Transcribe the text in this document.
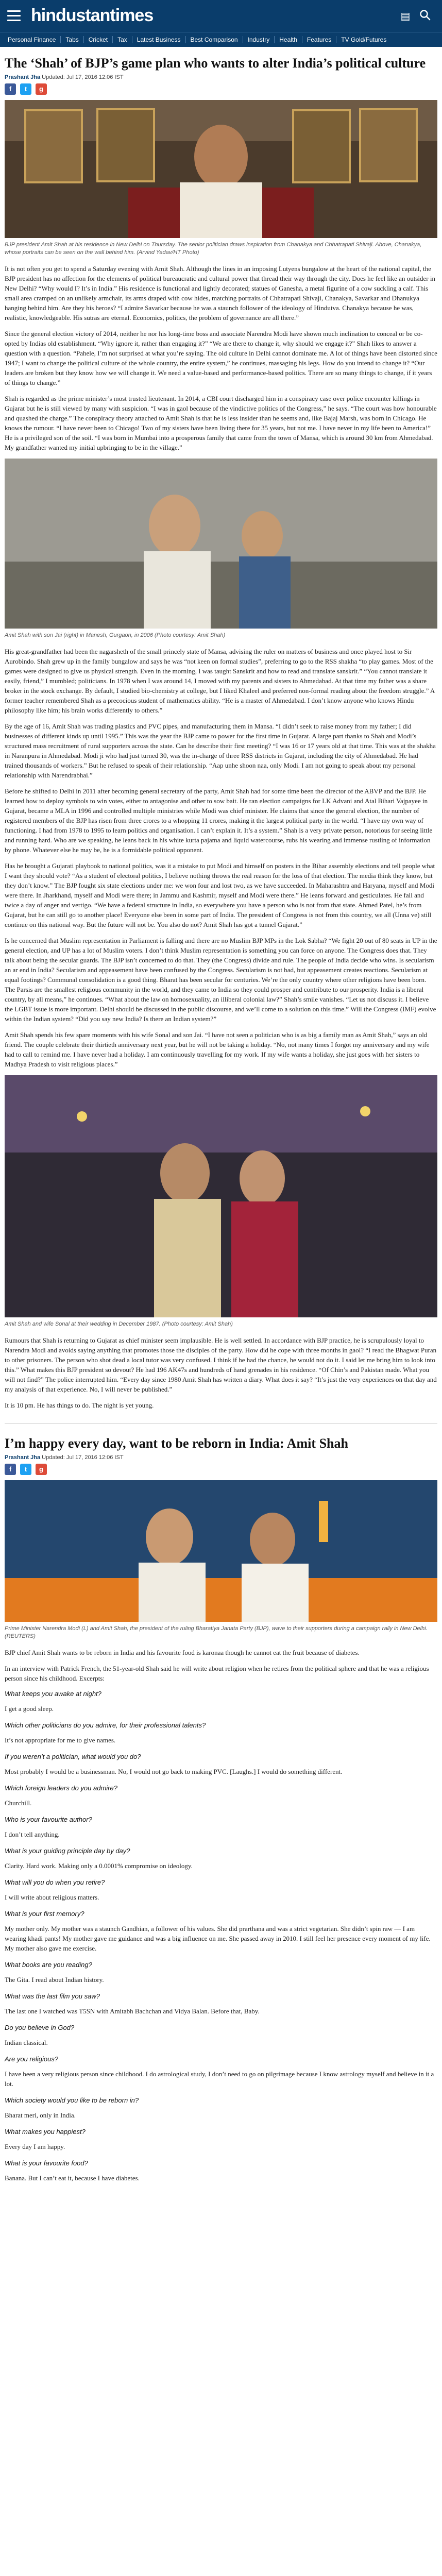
hindustantimes	▤
Personal Finance	Tabs	Cricket	Tax	Latest Business	Best Comparison	Industry	Health	Features	TV Gold/Futures
The ‘Shah’ of BJP’s game plan who wants to alter India’s political culture
Prashant Jha Updated: Jul 17, 2016 12:06 IST
f	t	g
BJP president Amit Shah at his residence in New Delhi on Thursday. The senior politician draws inspiration from Chanakya and Chhatrapati Shivaji. Above, Chanakya, whose portraits can be seen on the wall behind him. (Arvind Yadav/HT Photo)

It is not often you get to spend a Saturday evening with Amit Shah. Although the lines in an imposing Lutyens bungalow at the heart of the national capital, the BJP president has no affection for the elements of political bureaucratic and cultural power that thread their way through the city. Does he feel like an outsider in New Delhi? “Why would I? It’s in India.” His residence is functional and lightly decorated; statues of Ganesha, a metal figurine of a cow suckling a calf. This small area cramped on an unlikely armchair, its arms draped with cow hides, matching portraits of Chhatrapati Shivaji, Chanakya, Savarkar and Dhanukya hanging behind him. Are they his heroes? “I admire Savarkar because he was a staunch follower of the ideology of Hindutva. Chanakya because he was, realistic, knowledgeable. His sutras are eternal. Economics, politics, the problem of governance are all there.”

Since the general election victory of 2014, neither he nor his long-time boss and associate Narendra Modi have shown much inclination to conceal or be co-opted by Indias old establishment. “Why ignore it, rather than engaging it?” “We are there to change it, why should we engage it?” Shah likes to answer a question with a question. “Pahele, I’m not surprised at what you’re saying. The old culture in Delhi cannot dominate me. A lot of things have been distorted since 1947; I want to change the political culture of the whole country, the entire system,” he continues, massaging his legs. How do you intend to change it? “Our leaders are broken but they know how we will change it. We need a value-based and performance-based politics. There are so many things to change, if it years of things to change.”

Shah is regarded as the prime minister’s most trusted lieutenant. In 2014, a CBI court discharged him in a conspiracy case over police encounter killings in Gujarat but he is still viewed by many with suspicion. “I was in gaol because of the vindictive politics of the Congress,” he says. “The court was how honourable and quashed the charge.” The conspiracy theory attached to Amit Shah is that he is less insider than he seems and, like Bajaj Marsh, was born in Chicago. He knows the rumour. “I have never been to Chicago! Two of my sisters have been living there for 35 years, but not me. I have never in my life been to America!” He is a privileged son of the soil. “I was born in Mumbai into a prosperous family that came from the town of Mansa, which is around 30 km from Ahmedabad. My grandfather wanted my initial upbringing to be in the village.”

Amit Shah with son Jai (right) in Manesh, Gurgaon, in 2006 (Photo courtesy: Amit Shah)

His great-grandfather had been the nagarsheth of the small princely state of Mansa, advising the ruler on matters of business and once played host to Sir Aurobindo. Shah grew up in the family bungalow and says he was “not keen on formal studies”, preferring to go to the RSS shakha “to play games. Most of the games were designed to give us physical strength. Even in the morning, I was taught Sanskrit and how to read and translate sanskrit.” “You cannot translate it easily, friend,” I mumbled; politicians. In 1978 when I was around 14, I moved with my parents and sisters to Ahmedabad. At that time my father was a share broker in the stock exchange. By default, I studied bio-chemistry at college, but I liked Khaleel and preferred non-formal reading about the freedom struggle.” A former teacher remembered Shah as a precocious student of mathematics ability. “He is a master of Ahmedabad. I don’t know anyone who knows Hindu philosophy like him; his brain works differently to others.”

By the age of 16, Amit Shah was trading plastics and PVC pipes, and manufacturing them in Mansa. “I didn’t seek to raise money from my father; I did businesses of different kinds up until 1995.” This was the year the BJP came to power for the first time in Gujarat. A large part thanks to Shah and Modi’s structured mass recruitment of rural supporters across the state. Can he describe their first meeting? “I was 16 or 17 years old at that time. This was at the shakha in Naranpura in Ahmedabad. Modi ji who had just turned 30, was the in-charge of three RSS districts in Gujarat, including the city of Ahmedabad. He had trained thousands of workers.” But he refused to speak of their relationship. “Aap unhe shoon naa, only Modi. I am not going to speak about my personal relationship with Narendrabhai.”

Before he shifted to Delhi in 2011 after becoming general secretary of the party, Amit Shah had for some time been the director of the ABVP and the BJP. He learned how to deploy symbols to win votes, either to antagonise and other to sow bait. He ran election campaigns for LK Advani and Atal Bihari Vajpayee in Gujarat, became a MLA in 1996 and controlled multiple ministries while Modi was chief minister. He claims that since the general election, the number of registered members of the BJP has risen from three crores to a whopping 11 crores, making it the largest political party in the world. “I have my own way of functioning. I had from 1978 to 1995 to learn politics and organisation. I can’t explain it. It’s a system.” Shah is a very private person, notorious for seeing little and running hard. Who are we speaking, he leans back in his white kurta pajama and liquid watercourse, rubs his wearing and immense rustling of information by phone. Whatever else he may be, he is a formidable political opponent.

Has he brought a Gujarati playbook to national politics, was it a mistake to put Modi and himself on posters in the Bihar assembly elections and tell people what I want they should vote? “As a student of electoral politics, I believe nothing throws the real reason for the loss of that election. The media think they know, but they don’t know.” The BJP fought six state elections under me: we won four and lost two, as we have succeeded. In Maharashtra and Haryana, myself and Modi were there. In Jharkhand, myself and Modi were there; in Jammu and Kashmir, myself and Modi were there.” He leans forward and gesticulates. He fall and twice a day of anger and vertigo. “We have a federal structure in India, so everywhere you have a person who is not from that state. Ahmed Patel, he’s from Gujarat, but he can still go to another place! Everyone else been in some part of India. The president of Congress is not from this country, we all (Unna ve) still continue on this national way. But the future will not be. You also do not? Amit Shah has got a tunnel Gujarat.”

Is he concerned that Muslim representation in Parliament is falling and there are no Muslim BJP MPs in the Lok Sabha? “We fight 20 out of 80 seats in UP in the general election, and UP has a lot of Muslim voters. I don’t think Muslim representation is something you can force on anyone. The Congress does that. They talk about being the secular guards. The BJP isn’t concerned to do that. They (the Congress) divide and rule. The people of India decide who wins. Is secularism an ar end in India? Secularism and appeasement have been confused by the Congress. Secularism is not bad, but appeasement creates reactions. Secularism at equal footings? Communal consolidation is a good thing. Bharat has been secular for centuries. We’re the only country where other religions have been born. The Parsis are the smallest religious community in the world, and they came to India so they could prosper and contribute to our prosperity. India is a liberal country, by all means,” he continues. “What about the law on homosexuality, an illiberal colonial law?” Shah’s smile vanishes. “Let us not discuss it. I believe the LGBT issue is more important. Delhi should be discussed in the public discourse, and we’ll come to a solution on this time.” Will the Congress (IMF) evolve within the Indian system? “Did you say new India? Is there an Indian system?”

Amit Shah spends his few spare moments with his wife Sonal and son Jai. “I have not seen a politician who is as big a family man as Amit Shah,” says an old friend. The couple celebrate their thirtieth anniversary next year, but he will not be taking a holiday. “No, not many times I forgot my anniversary and my wife had to call to remind me. I have never had a holiday. I am continuously travelling for my work. If my wife wants a holiday, she just goes with her sisters to Madhya Pradesh to visit religious places.”

Amit Shah and wife Sonal at their wedding in December 1987. (Photo courtesy: Amit Shah)

Rumours that Shah is returning to Gujarat as chief minister seem implausible. He is well settled. In accordance with BJP practice, he is scrupulously loyal to Narendra Modi and avoids saying anything that promotes those the disciples of the party. How did he cope with three months in gaol? “I read the Bhagwat Puran to other prisoners. The person who shot dead a local tutor was very confused. I think if he had the chance, he would not do it. I said let me bring him to look into this.” What makes this BJP president so devout? He had 196 AK47s and hundreds of hand grenades in his residence. “Of Chin’s and Pakistan made. What you will not find?” The police interrupted him. “Every day since 1980 Amit Shah has written a diary. What does it say? “It’s just the very experiences on that day and my analysis of that experience. No, I will never be published.”

It is 10 pm. He has things to do. The night is yet young.

I’m happy every day, want to be reborn in India: Amit Shah
Prashant Jha Updated: Jul 17, 2016 12:06 IST
f	t	g
Prime Minister Narendra Modi (L) and Amit Shah, the president of the ruling Bharatiya Janata Party (BJP), wave to their supporters during a campaign rally in New Delhi. (REUTERS)

BJP chief Amit Shah wants to be reborn in India and his favourite food is karonaa though he cannot eat the fruit because of diabetes.

In an interview with Patrick French, the 51-year-old Shah said he will write about religion when he retires from the political sphere and that he was a religious person since his childhood. Excerpts:

What keeps you awake at night?

I get a good sleep.

Which other politicians do you admire, for their professional talents?

It’s not appropriate for me to give names.

If you weren’t a politician, what would you do?

Most probably I would be a businessman. No, I would not go back to making PVC. [Laughs.] I would do something different.

Which foreign leaders do you admire?

Churchill.

Who is your favourite author?

I don’t tell anything.

What is your guiding principle day by day?

Clarity. Hard work. Making only a 0.0001% compromise on ideology.

What will you do when you retire?

I will write about religious matters.

What is your first memory?

My mother only. My mother was a staunch Gandhian, a follower of his values. She did prarthana and was a strict vegetarian. She didn’t spin raw — I am wearing khadi pants! My mother gave me guidance and was a big influence on me. She passed away in 2010. I still feel her presence every moment of my life. My mother also gave me exercise.

What books are you reading?

The Gita. I read about Indian history.

What was the last film you saw?

The last one I watched was T5SN with Amitabh Bachchan and Vidya Balan. Before that, Baby.

Do you believe in God?

Indian classical.

Are you religious?

I have been a very religious person since childhood. I do astrological study, I don’t need to go on pilgrimage because I know astrology myself and believe in it a lot.

Which society would you like to be reborn in?

Bharat meri, only in India.

What makes you happiest?

Every day I am happy.

What is your favourite food?

Banana. But I can’t eat it, because I have diabetes.
